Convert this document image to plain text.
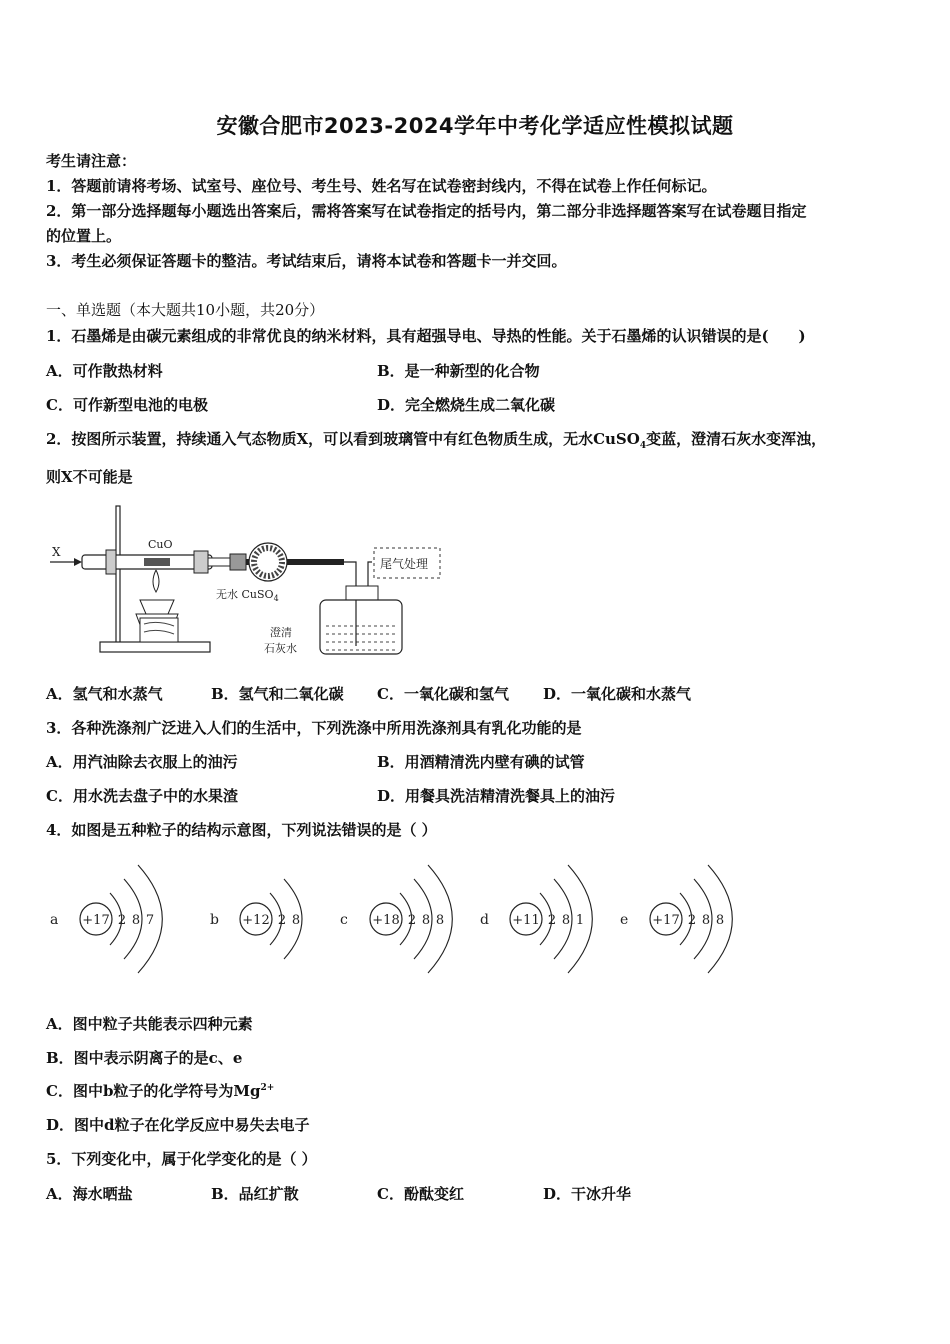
安徽合肥市2023-2024学年中考化学适应性模拟试题
考生请注意：
1．答题前请将考场、试室号、座位号、考生号、姓名写在试卷密封线内，不得在试卷上作任何标记。
2．第一部分选择题每小题选出答案后，需将答案写在试卷指定的括号内，第二部分非选择题答案写在试卷题目指定
的位置上。
3．考生必须保证答题卡的整洁。考试结束后，请将本试卷和答题卡一并交回。
一、单选题（本大题共10小题，共20分）
1．石墨烯是由碳元素组成的非常优良的纳米材料，具有超强导电、导热的性能。关于石墨烯的认识错误的是(　　)
A．可作散热材料	B．是一种新型的化合物
C．可作新型电池的电极	D．完全燃烧生成二氧化碳
2．按图所示装置，持续通入气态物质X，可以看到玻璃管中有红色物质生成，无水CuSO$_4$变蓝，澄清石灰水变浑浊，
则X不可能是
X
CuO
无水 CuSO$_4$
尾气处理
澄清
石灰水
A．氢气和水蒸气	B．氢气和二氧化碳 C．一氧化碳和氢气 D．一氧化碳和水蒸气
3．各种洗涤剂广泛进入人们的生活中，下列洗涤中所用洗涤剂具有乳化功能的是
A．用汽油除去衣服上的油污	B．用酒精清洗内壁有碘的试管
C．用水洗去盘子中的水果渣	D．用餐具洗洁精清洗餐具上的油污
4．如图是五种粒子的结构示意图，下列说法错误的是（ ）
a +17 2 8 7	b +12 2 8	c +18 2 8 8	d +11 2 8 1	e +17 2 8 8
A．图中粒子共能表示四种元素
B．图中表示阴离子的是c、e
C．图中b粒子的化学符号为$Mg^{2+}$
D．图中d粒子在化学反应中易失去电子
5．下列变化中，属于化学变化的是（ ）
A．海水晒盐	B．品红扩散	C．酚酞变红	D．干冰升华
